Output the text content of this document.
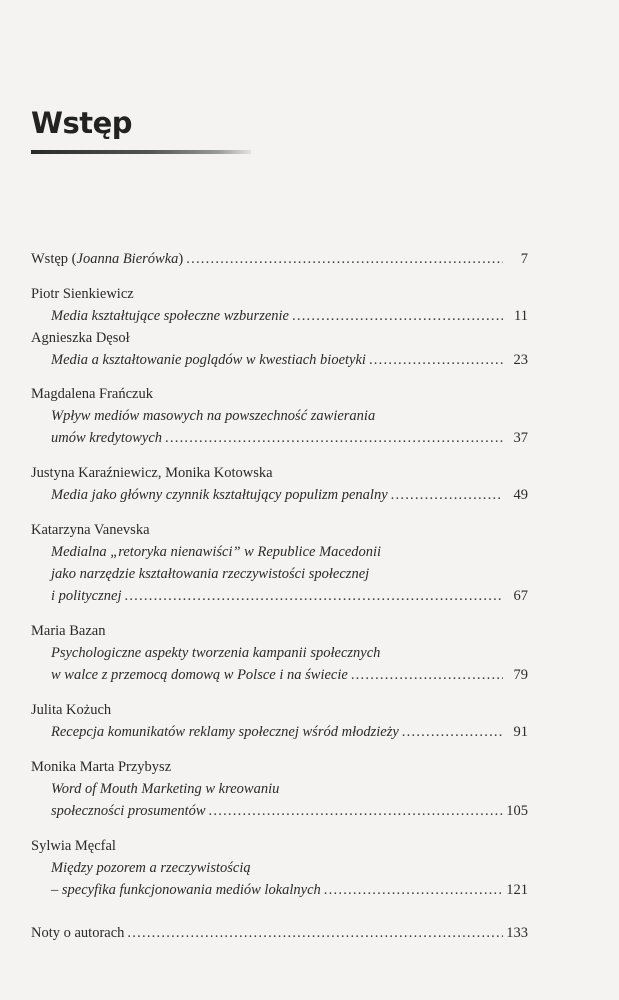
Wstęp
Wstęp (Joanna Bierówka) . . .	7
Piotr Sienkiewicz
Media kształtujące społeczne wzburzenie . . .	11
Agnieszka Dęsoł
Media a kształtowanie poglądów w kwestiach bioetyki . . .	23
Magdalena Frańczuk
Wpływ mediów masowych na powszechność zawierania
umów kredytowych . . .	37
Justyna Karaźniewicz, Monika Kotowska
Media jako główny czynnik kształtujący populizm penalny . . .	49
Katarzyna Vanevska
Medialna „retoryka nienawiści” w Republice Macedonii
jako narzędzie kształtowania rzeczywistości społecznej
i politycznej . . .	67
Maria Bazan
Psychologiczne aspekty tworzenia kampanii społecznych
w walce z przemocą domową w Polsce i na świecie . . .	79
Julita Kożuch
Recepcja komunikatów reklamy społecznej wśród młodzieży . . .	91
Monika Marta Przybysz
Word of Mouth Marketing w kreowaniu
społeczności prosumentów . . .	105
Sylwia Męcfal
Między pozorem a rzeczywistością
– specyfika funkcjonowania mediów lokalnych . . .	121
Noty o autorach . . .	133
